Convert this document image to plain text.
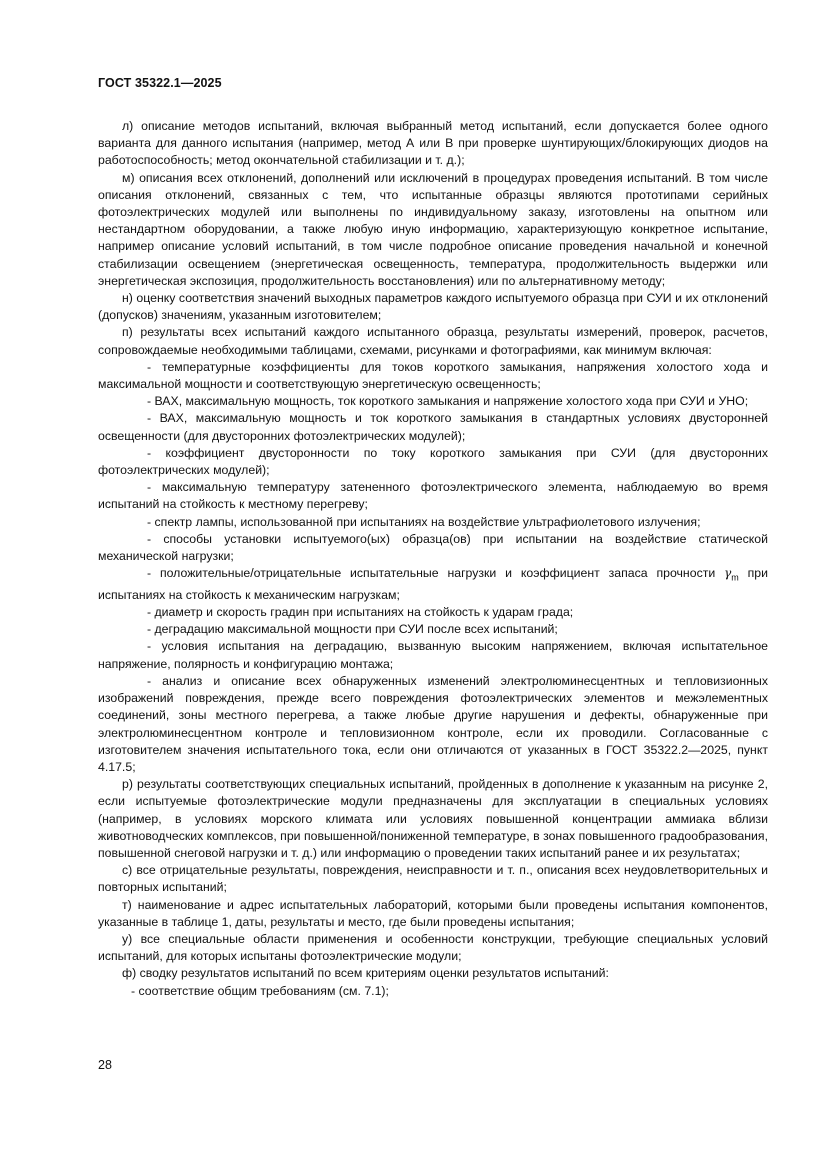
ГОСТ 35322.1—2025

л) описание методов испытаний, включая выбранный метод испытаний, если допускается более одного варианта для данного испытания (например, метод А или В при проверке шунтирующих/блокирующих диодов на работоспособность; метод окончательной стабилизации и т. д.);

м) описания всех отклонений, дополнений или исключений в процедурах проведения испытаний. В том числе описания отклонений, связанных с тем, что испытанные образцы являются прототипами серийных фотоэлектрических модулей или выполнены по индивидуальному заказу, изготовлены на опытном или нестандартном оборудовании, а также любую иную информацию, характеризующую конкретное испытание, например описание условий испытаний, в том числе подробное описание проведения начальной и конечной стабилизации освещением (энергетическая освещенность, температура, продолжительность выдержки или энергетическая экспозиция, продолжительность восстановления) или по альтернативному методу;

н) оценку соответствия значений выходных параметров каждого испытуемого образца при СУИ и их отклонений (допусков) значениям, указанным изготовителем;

п) результаты всех испытаний каждого испытанного образца, результаты измерений, проверок, расчетов, сопровождаемые необходимыми таблицами, схемами, рисунками и фотографиями, как минимум включая:

- температурные коэффициенты для токов короткого замыкания, напряжения холостого хода и максимальной мощности и соответствующую энергетическую освещенность;

- ВАХ, максимальную мощность, ток короткого замыкания и напряжение холостого хода при СУИ и УНО;

- ВАХ, максимальную мощность и ток короткого замыкания в стандартных условиях двусторонней освещенности (для двусторонних фотоэлектрических модулей);

- коэффициент двусторонности по току короткого замыкания при СУИ (для двусторонних фотоэлектрических модулей);

- максимальную температуру затененного фотоэлектрического элемента, наблюдаемую во время испытаний на стойкость к местному перегреву;

- спектр лампы, использованной при испытаниях на воздействие ультрафиолетового излучения;

- способы установки испытуемого(ых) образца(ов) при испытании на воздействие статической механической нагрузки;

- положительные/отрицательные испытательные нагрузки и коэффициент запаса прочности $\gamma_m$ при испытаниях на стойкость к механическим нагрузкам;

- диаметр и скорость градин при испытаниях на стойкость к ударам града;

- деградацию максимальной мощности при СУИ после всех испытаний;

- условия испытания на деградацию, вызванную высоким напряжением, включая испытательное напряжение, полярность и конфигурацию монтажа;

- анализ и описание всех обнаруженных изменений электролюминесцентных и тепловизионных изображений повреждения, прежде всего повреждения фотоэлектрических элементов и межэлементных соединений, зоны местного перегрева, а также любые другие нарушения и дефекты, обнаруженные при электролюминесцентном контроле и тепловизионном контроле, если их проводили. Согласованные с изготовителем значения испытательного тока, если они отличаются от указанных в ГОСТ 35322.2—2025, пункт 4.17.5;

р) результаты соответствующих специальных испытаний, пройденных в дополнение к указанным на рисунке 2, если испытуемые фотоэлектрические модули предназначены для эксплуатации в специальных условиях (например, в условиях морского климата или условиях повышенной концентрации аммиака вблизи животноводческих комплексов, при повышенной/пониженной температуре, в зонах повышенного градообразования, повышенной снеговой нагрузки и т. д.) или информацию о проведении таких испытаний ранее и их результатах;

с) все отрицательные результаты, повреждения, неисправности и т. п., описания всех неудовлетворительных и повторных испытаний;

т) наименование и адрес испытательных лабораторий, которыми были проведены испытания компонентов, указанные в таблице 1, даты, результаты и место, где были проведены испытания;

у) все специальные области применения и особенности конструкции, требующие специальных условий испытаний, для которых испытаны фотоэлектрические модули;

ф) сводку результатов испытаний по всем критериям оценки результатов испытаний:

- соответствие общим требованиям (см. 7.1);

28
